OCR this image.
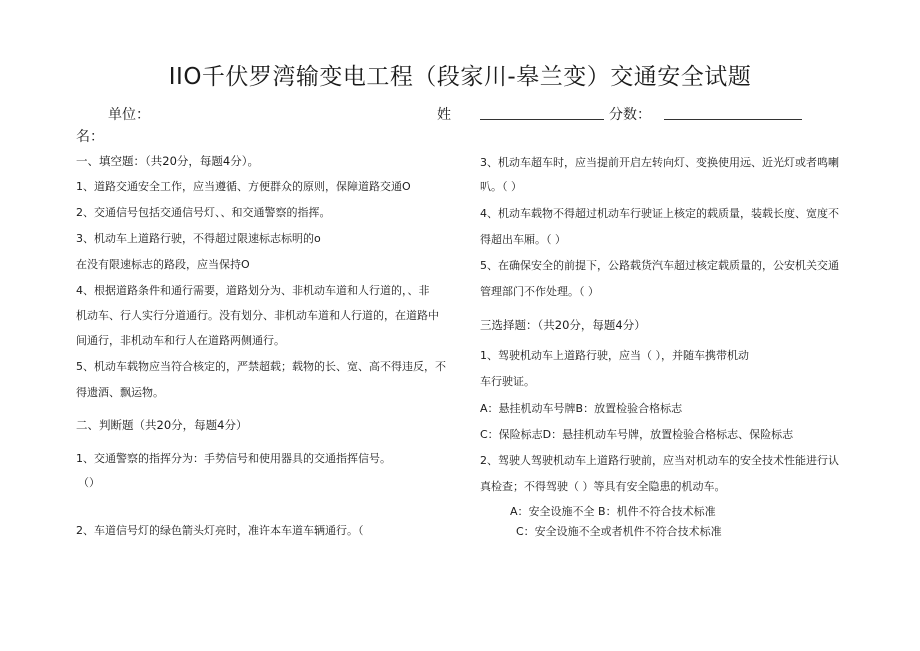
IIO千伏罗湾输变电工程（段家川-皋兰变）交通安全试题
单位：	姓	分数：
名：
一、填空题：（共20分，每题4分）。
1、道路交通安全工作，应当遵循、方便群众的原则，保障道路交通O
2、交通信号包括交通信号灯、、和交通警察的指挥。
3、机动车上道路行驶，不得超过限速标志标明的o
在没有限速标志的路段，应当保持O
4、根据道路条件和通行需要，道路划分为、非机动车道和人行道的，、非
机动车、行人实行分道通行。没有划分、非机动车道和人行道的，在道路中
间通行，非机动车和行人在道路两侧通行。
5、机动车载物应当符合核定的，严禁超载；载物的长、宽、高不得违反，不
得遗酒、飘运物。
二、判断题（共20分，每题4分）
1、交通警察的指挥分为：手势信号和使用器具的交通指挥信号。
（）
2、车道信号灯的绿色箭头灯亮时，准许本车道车辆通行。（
3、机动车超车时，应当提前开启左转向灯、变换使用远、近光灯或者鸣喇
叭。（ ）
4、机动车载物不得超过机动车行驶证上核定的载质量，装载长度、宽度不
得超出车厢。（ ）
5、在确保安全的前提下，公路载货汽车超过核定载质量的，公安机关交通
管理部门不作处理。（ ）
三选择题：（共20分，每题4分）
1、驾驶机动车上道路行驶，应当（ ），并随车携带机动
车行驶证。
A：悬挂机动车号牌B：放置检验合格标志
C：保险标志D：悬挂机动车号牌，放置检验合格标志、保险标志
2、驾驶人驾驶机动车上道路行驶前，应当对机动车的安全技术性能进行认
真检查；不得驾驶（ ）等具有安全隐患的机动车。
A：安全设施不全 B：机件不符合技术标准
C：安全设施不全或者机件不符合技术标准
